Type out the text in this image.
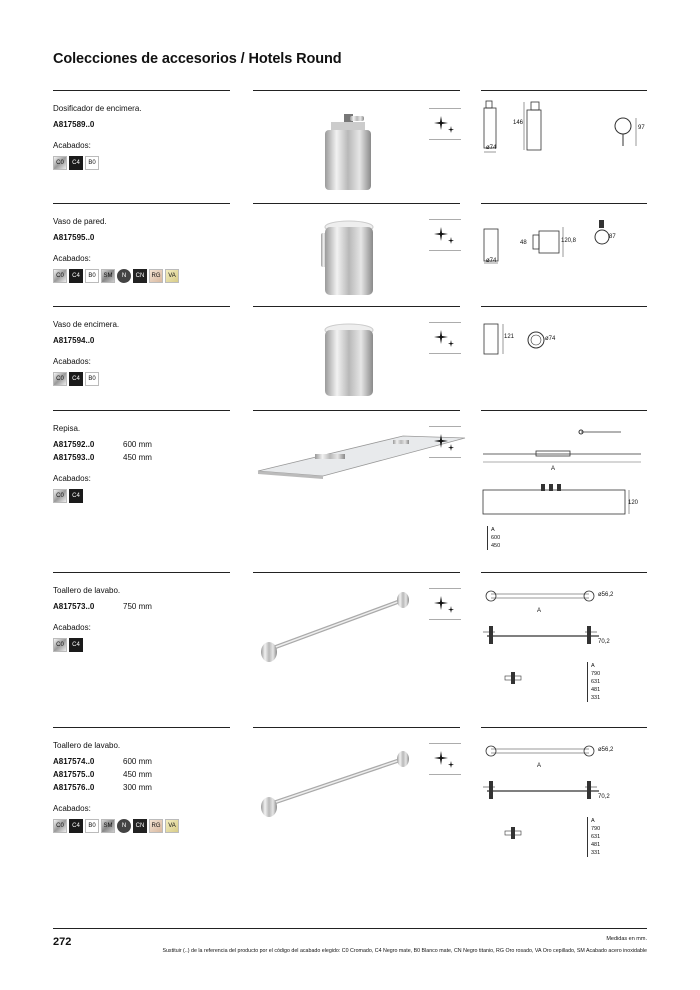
Colecciones de accesorios / Hotels Round
Dosificador de encimera.
A817589..0
Acabados:
C0	C4	B0
146
ø74
97
Vaso de pared.
A817595..0
Acabados:
C0	C4	B0	SM	N	CN	RG	VA
48	120,8
87
ø74
Vaso de encimera.
A817594..0
Acabados:
C0	C4	B0
121	ø74
Repisa.
A817592..0	600 mm
A817593..0	450 mm
Acabados:
C0	C4
A
120
A
600
450
Toallero de lavabo.
A817573..0	750 mm
Acabados:
C0	C4
ø56,2
70,2
A
A
790
631
481
331
Toallero de lavabo.
A817574..0	600 mm
A817575..0	450 mm
A817576..0	300 mm
Acabados:
C0	C4	B0	SM	N	CN	RG	VA
ø56,2
70,2
A
A
790
631
481
331
272	Medidas en mm.
Sustituir (..) de la referencia del producto por el código del acabado elegido: C0 Cromado, C4 Negro mate, B0 Blanco mate, CN Negro titanio, RG Oro rosado, VA Oro cepillado, SM Acabado acero inoxidable
